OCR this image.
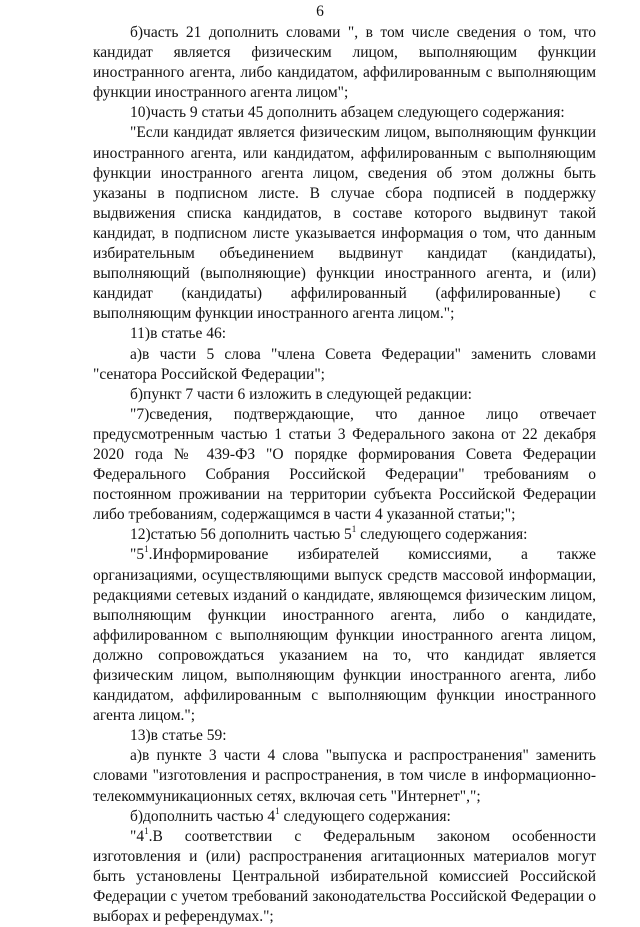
6

б)часть 21 дополнить словами ", в том числе сведения о том, что кандидат является физическим лицом, выполняющим функции иностранного агента, либо кандидатом, аффилированным с выполняющим функции иностранного агента лицом";

10)часть 9 статьи 45 дополнить абзацем следующего содержания:

"Если кандидат является физическим лицом, выполняющим функции иностранного агента, или кандидатом, аффилированным с выполняющим функции иностранного агента лицом, сведения об этом должны быть указаны в подписном листе. В случае сбора подписей в поддержку выдвижения списка кандидатов, в составе которого выдвинут такой кандидат, в подписном листе указывается информация о том, что данным избирательным объединением выдвинут кандидат (кандидаты), выполняющий (выполняющие) функции иностранного агента, и (или) кандидат (кандидаты) аффилированный (аффилированные) с выполняющим функции иностранного агента лицом.";

11)в статье 46:

а)в части 5 слова "члена Совета Федерации" заменить словами "сенатора Российской Федерации";

б)пункт 7 части 6 изложить в следующей редакции:

"7)сведения, подтверждающие, что данное лицо отвечает предусмотренным частью 1 статьи 3 Федерального закона от 22 декабря 2020 года № 439-ФЗ "О порядке формирования Совета Федерации Федерального Собрания Российской Федерации" требованиям о постоянном проживании на территории субъекта Российской Федерации либо требованиям, содержащимся в части 4 указанной статьи;";

12)статью 56 дополнить частью $5^1$ следующего содержания:

"$5^1.Информирование$ избирателей комиссиями, а также организациями, осуществляющими выпуск средств массовой информации, редакциями сетевых изданий о кандидате, являющемся физическим лицом, выполняющим функции иностранного агента, либо о кандидате, аффилированном с выполняющим функции иностранного агента лицом, должно сопровождаться указанием на то, что кандидат является физическим лицом, выполняющим функции иностранного агента, либо кандидатом, аффилированным с выполняющим функции иностранного агента лицом.";

13)в статье 59:

а)в пункте 3 части 4 слова "выпуска и распространения" заменить словами "изготовления и распространения, в том числе в информационно-телекоммуникационных сетях, включая сеть "Интернет",";

б)дополнить частью $4^1$ следующего содержания:

"$4^1.В$ соответствии с Федеральным законом особенности изготовления и (или) распространения агитационных материалов могут быть установлены Центральной избирательной комиссией Российской Федерации с учетом требований законодательства Российской Федерации о выборах и референдумах.";
